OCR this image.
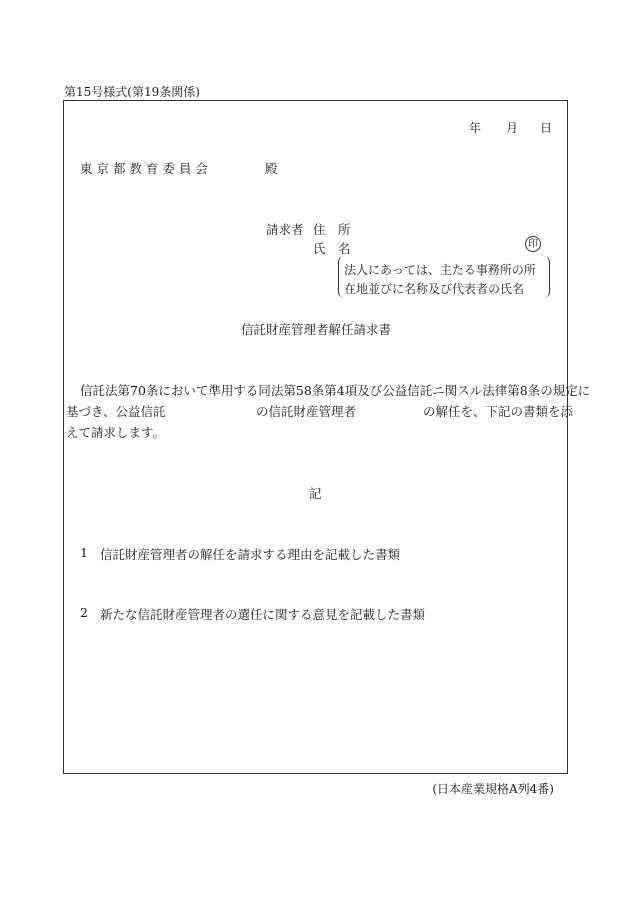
第15号様式(第19条関係)
年 月 日
東 京 都 教 育 委 員 会	殿
請求者 住　所
氏　名	印
法人にあっては、主たる事務所の所
在地並びに名称及び代表者の氏名
信託財産管理者解任請求書
信託法第70条において準用する同法第58条第4項及び公益信託ニ関スル法律第8条の規定に
基づき、公益信託	の信託財産管理者	の解任を、下記の書類を添
えて請求します。
記
1 信託財産管理者の解任を請求する理由を記載した書類
2 新たな信託財産管理者の選任に関する意見を記載した書類
(日本産業規格A列4番)
